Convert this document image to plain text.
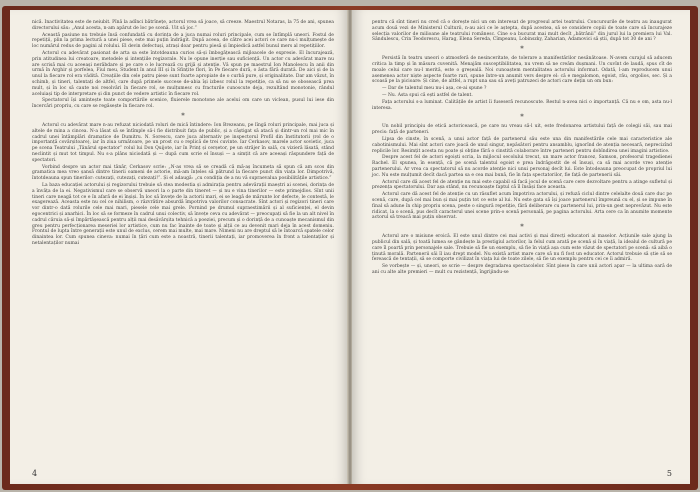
nică. Inactivitatea este de neiubit. Pînă la adînci bătrînețe, actorul vrea să joace, să creeze. Maestrul Notaras, la 75 de ani, spunea directorului său: „Anul acesta, n-am apărut de loc pe scenă. Uit să joc.”

Această pasiune nu trebuie însă confundată cu dorința de a juca numai roluri principale, cum se întîmplă uneori. Fostul de repetiții, plin la prima lectură a unei piese, este mai puțin îndrăgit. După aceea, de către acei actori ce care nu-i mulțumește de loc numărul redus de pagini al rolului. El devin defectuși, atrași doar pentru piesă și împiedică astfel bunul mers al repetițiilor.

Actorul cu adevărat pasionat de arta sa este întotdeauna curios să-și îmbogățească mijloacele de expresie. El încurajează, prin atitudinea lui creatoare, metodele și intențiile regizorale. Nu le opune inerție sau suficiență. Un actor cu adevărat mare nu are scrisă mai cu aceeași nerăbdare și pe care o le lucrează cu grijă și atenție. Vă spun pe maestrul Ion Manolescu în anii din urmă în Arghir și porfelea, Fiul meu, Student în anul III și în Sfințite flori, în Pe fiecare dură, o ăsta fără durată. De aici și de la unul la fiecare rol era vădită. Creațiile din cele patru piese sunt foarte apropiate de o curbă pure, și originalitate. Dar am văzut, în schimb, și tineri, talentați de altfel, care după primele succese de-abia își izbesc rolul la repetiție, ca să nu se obosească prea mult, și în loc să caute noi resolvări în fiecare rol, se mulțumesc cu fracturile cunoscute deja, rezultând monotonie, rândul aceluiași tip de interpretare și din punct de vedere artistic în fiecare rol.

Spectatorul își amintește toate comportările scenice, fluierele monotone ale acelui om care un viclean, pusul lui iese din încercări propriu, cu care se regăsește în fiecare rol.

*

Actorul cu adevărat mare n-au refuzat niciodată roluri de mică întindere: Ion Brezeanu, pe lîngă roluri principale, mai juca și altele de mina a cincea. N-a lăsat să se întîmple să-i fie distribuit fața de public, și a câștigat să atacă și dintr-un rol mai mic în cadrul unei întâmplări dramatice de Dumitru. N. Sorescu, care juca alternativ pe inspectorul Profil din Institutorii (rol de o importanță covârșitoare), iar în ziua următoare, pe un prost cu o replică de trei cuvinte. Iar Cerkasov, marele actor sovietic, juca pe scena Teatrului „Tânărul spectator” rolul lui Don Quijote, iar în Prinț și cerșetor, pe un străjer în sală, cu vizieră lăsată, stând neclintit și mut tot timpul. Nu s-a plâns niciodată și — după cum scrie el însuși — a simțit că are aceeași răspundere față de spectatori.

Vorbind despre un actor mai tânăr, Cerkasov scrie: „N-as vrea să se creadă că mă-aș încumeta să spun că am scos din gramatica mea vreo șansă dintre tinerii oameni de actorie, mă-am înțeles să pătrund la fiecare punct din viața lor. Dimpotrivă, întotdeauna spun tinerilor: cutezați, cutezați, cutezați!”. Și el adaugă: „cu condiția de a nu vă supraevalua posibilitățile artistice.”

La baza educației actorului și regizorului trebuie să stea modestia și admirația pentru adevărații maeștri ai scenei, dorința de a învăța de la ei. Negativismul care se observă uneori la o parte din tineret — și nu e vina tinerilor — este primejdios. Sînt unii tineri care neagă tot ce e în afară de ei înșiși. În loc să învețe de la actorii mari, ei se leagă de mărunte lor defecte, le contestă, le exagerează. Aceasta este nu cel ce nihilism, o răzvrătire absurdă împotriva valorilor consacrate. Sînt actori și regizori tineri care vor dintr-o dată rolurile cele mai mari, piesele cele mai grele. Pornind pe drumul supraestimării și al suficienței, el devin egocentrici și anarhici. În loc să se formeze în cadrul unui colectiv, să învețe ceva cu adevărat — preocupați să fie la un alt nivel în cadrul căruia să-și împărtășească pentru alții mai desăvârșita tehnică a poeziei, precum și o dorință de a cunoaște mecanismul din greu pentru perfecționarea meseriei lor artistice, cum nu fac înainte de toate și alții ce au devenit mari deja în acest domeniu. Frontul de lupta între generații este unul de exclus, cerem mai multe, mai mare. Nimeni nu are dreptul să le întoarcă spatele celor dinaintea lor. Cum spunea cineva: numai în țări cum este a noastră, tinerii talentați, iar promoverea în front a talentaților și netalentaților numai

4

pentru că sînt tineri nu cred că o dorește nici un om interesat de progresul artei teatrului. Concursurile de teatru au inaugurat acum două vezi de Ministerul Culturii, n-au aici ce le aștepta, după acestea, să se considere copiii de toate care să încurajeze selecția valorilor de milioane ale teatrului românesc. Cine s-a bucurat mai mult decît „bătrânii” din jurul lui la premiera lui Val. Săndulescu, Crin Teodorescu, Harag, Elena Sereda, Cîmpeanu, Lobinszky, Zaharian, Adamovici să știi, după tot 30 de ani ?

*

Persistă în teatru uneori o atmosferă de nesinceritate, de tolerare a manifestărilor nesănătoase. N-avem curajul să aducem critica la timp și în măsura cuvenită. Menajăm susceptibilitatea, nu vrem să ne creăm dușmani. Un cuvînt de laudă, spus cît de moale celui care nu-l merită, este o greșeală. Noi cunoaștem mentalitatea actorului informat. Odată, l-am reproducem unui asemenea actor niște aspecte foarte rari, spune între-un anumit vers despre el: că e megalomon, egoist, rău, orgolios, sec. Și a scoasă pe la picioare: Și cine, de altfel, a rupt una sau să aveți patruzeci de actori care dețin un om bun:

— Dar de talentul meu nu-i așa, ce-ai spune ?

— Nu. Asta spui că ești astfel de talent.

Fața actorului s-a luminat. Calitățile de artist îi fuseseră recunoscute. Restul n-avea nici o importanță. Că nu e om, asta nu-l interesa.

*

Un nobil principiu de etică actoricească, pe care nu vreau să-l uit, este fredonarea artistului față de colegii săi, sau mai precis: față de parteneri.

Lipsa de cinste, în scenă, a unui actor față de partenerul său este una din manifestările cele mai caracteristice ale cabotinismului. Mai sînt actori care joacă de unul singur, nepăsători pentru ansamblu, ignorînd de atenția necesară, neprecizînd replicile lor. Resimțit acesta nu poate și obține fără o cinstită colaborare între parteneri pentru dobîndirea unei imagini artistice.

Despre acest fel de actori egoiști scria, la mijlocul secolului trecut, un mare actor francez, Samson, profesorul tragedienei Rachel. El spunea, în esență, că pe scenă talentul egoist e prea îndrăgostit de el însuși, ca să mai acorde vreo atenție partenerului. Ar vrea ca spectatorul să nu acorde atenție nici unui personaj decît lui. Este întodeauna preocupat de propriul lui joc. Nu este mulțumit decît dacă partea sa e cea mai bună, fie în fața spectatorilor, fie față de partenerii săi.

Actorul care dă acest fel de atenție nu mai este capabil să facă jocul de scenă care cere dezvoltare pentru a atinge sufletul și prezența spectatorului. Dar așa stând, nu recunoaște faptul că îl însăși face aceasta.

Actorul care dă acest fel de atenție cu un răsuflet acum împotriva actorului, și refuză ciclul dintre celelalte două care duc pe scenă, care, după cel mai bun și mai puțin tot ce este al lui. Nu este gata să își joace partenerul împreună cu el, și se impune în final să adune în chip propriu scena, peste o singură repetiție, fără deliberare cu partenerul lui, prin-un gest neprevăzut. Nu este ridicat, la o scenă, pus decît caracterul unei scene prin-o scenă personală, pe pagina actorului. Arta cere ca în anumite momente actorul să treacă mai puțin observat.

*

Actorul are o misiune eroică. El este unul dintre cei mai activi și mai direcți educatori ai maselor. Acțiunile sale ajung la publicul din sală, și toată lumea se gândește la prestigiul actorilor, la felul cum arată pe scenă și în viață, la idealul de cultură pe care îl poartă prin personajele sale. Trebuie să fie un exemplu, să fie în viață așa cum este văzut de spectatori pe scenă: să aibă o ținută morală. Partenerii săi îl iau drept model. Nu există artist mare care să nu fi fost un educator. Actorul trebuie să știe să se ferească de tentații, să se comporte civilizat în viața lui de toate zilele, să fie un exemplu pentru cei ce îi admiră.

Se vorbește — și, uneori, se scrie — despre degradarea spectacolelor. Sînt piese în care unii actori apar — la ultima oară de ani cu alte alte premieri — mult cu rezistență, îngrijindu-se

5
